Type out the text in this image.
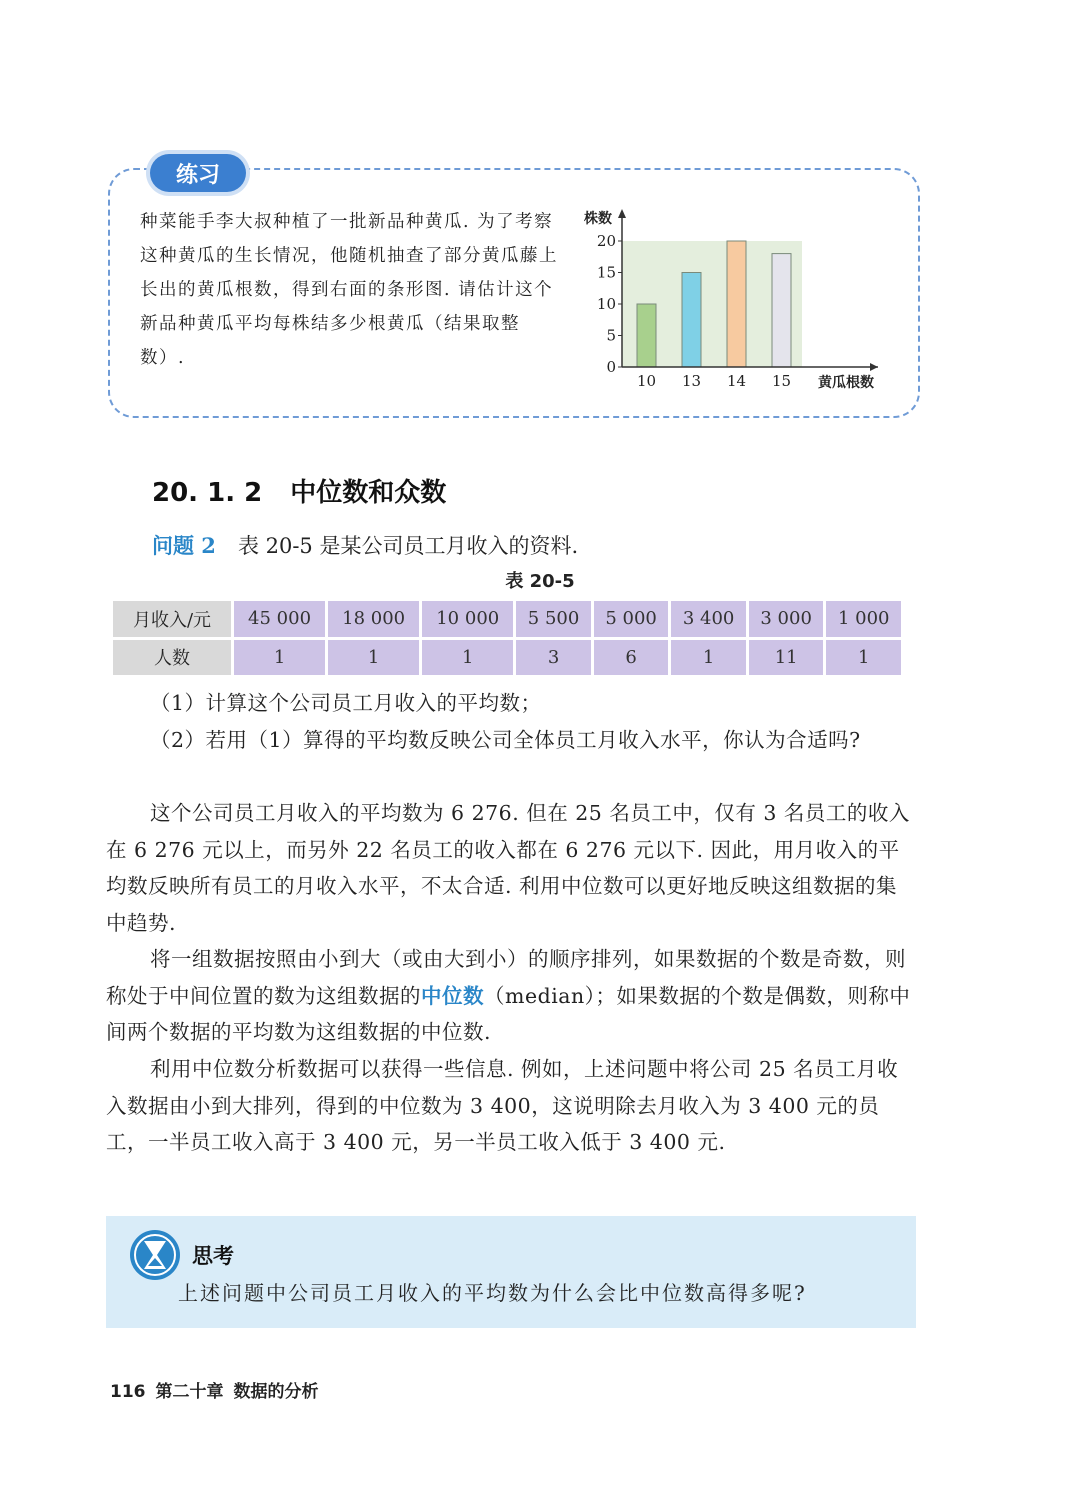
练习

种菜能手李大叔种植了一批新品种黄瓜. 为了考察这种黄瓜的生长情况，他随机抽查了部分黄瓜藤上长出的黄瓜根数，得到右面的条形图. 请估计这个新品种黄瓜平均每株结多少根黄瓜（结果取整数）.	0
5
10
15
20
10 13 14 15
株数
黄瓜根数
20. 1. 2 中位数和众数
问题 2 表 20-5 是某公司员工月收入的资料.
表 20-5
月收入/元	45 000	18 000	10 000	5 500	5 000	3 400	3 000	1 000
人数	1	1	1	3	6	1	11	1

（1）计算这个公司员工月收入的平均数；

（2）若用（1）算得的平均数反映公司全体员工月收入水平，你认为合适吗?

这个公司员工月收入的平均数为 6 276. 但在 25 名员工中，仅有 3 名员工的收入在 6 276 元以上，而另外 22 名员工的收入都在 6 276 元以下. 因此，用月收入的平均数反映所有员工的月收入水平，不太合适. 利用中位数可以更好地反映这组数据的集中趋势.

将一组数据按照由小到大（或由大到小）的顺序排列，如果数据的个数是奇数，则称处于中间位置的数为这组数据的中位数（median）；如果数据的个数是偶数，则称中间两个数据的平均数为这组数据的中位数.

利用中位数分析数据可以获得一些信息. 例如，上述问题中将公司 25 名员工月收入数据由小到大排列，得到的中位数为 3 400，这说明除去月收入为 3 400 元的员工，一半员工收入高于 3 400 元，另一半员工收入低于 3 400 元.

思考
上述问题中公司员工月收入的平均数为什么会比中位数高得多呢?
116 第二十章 数据的分析
